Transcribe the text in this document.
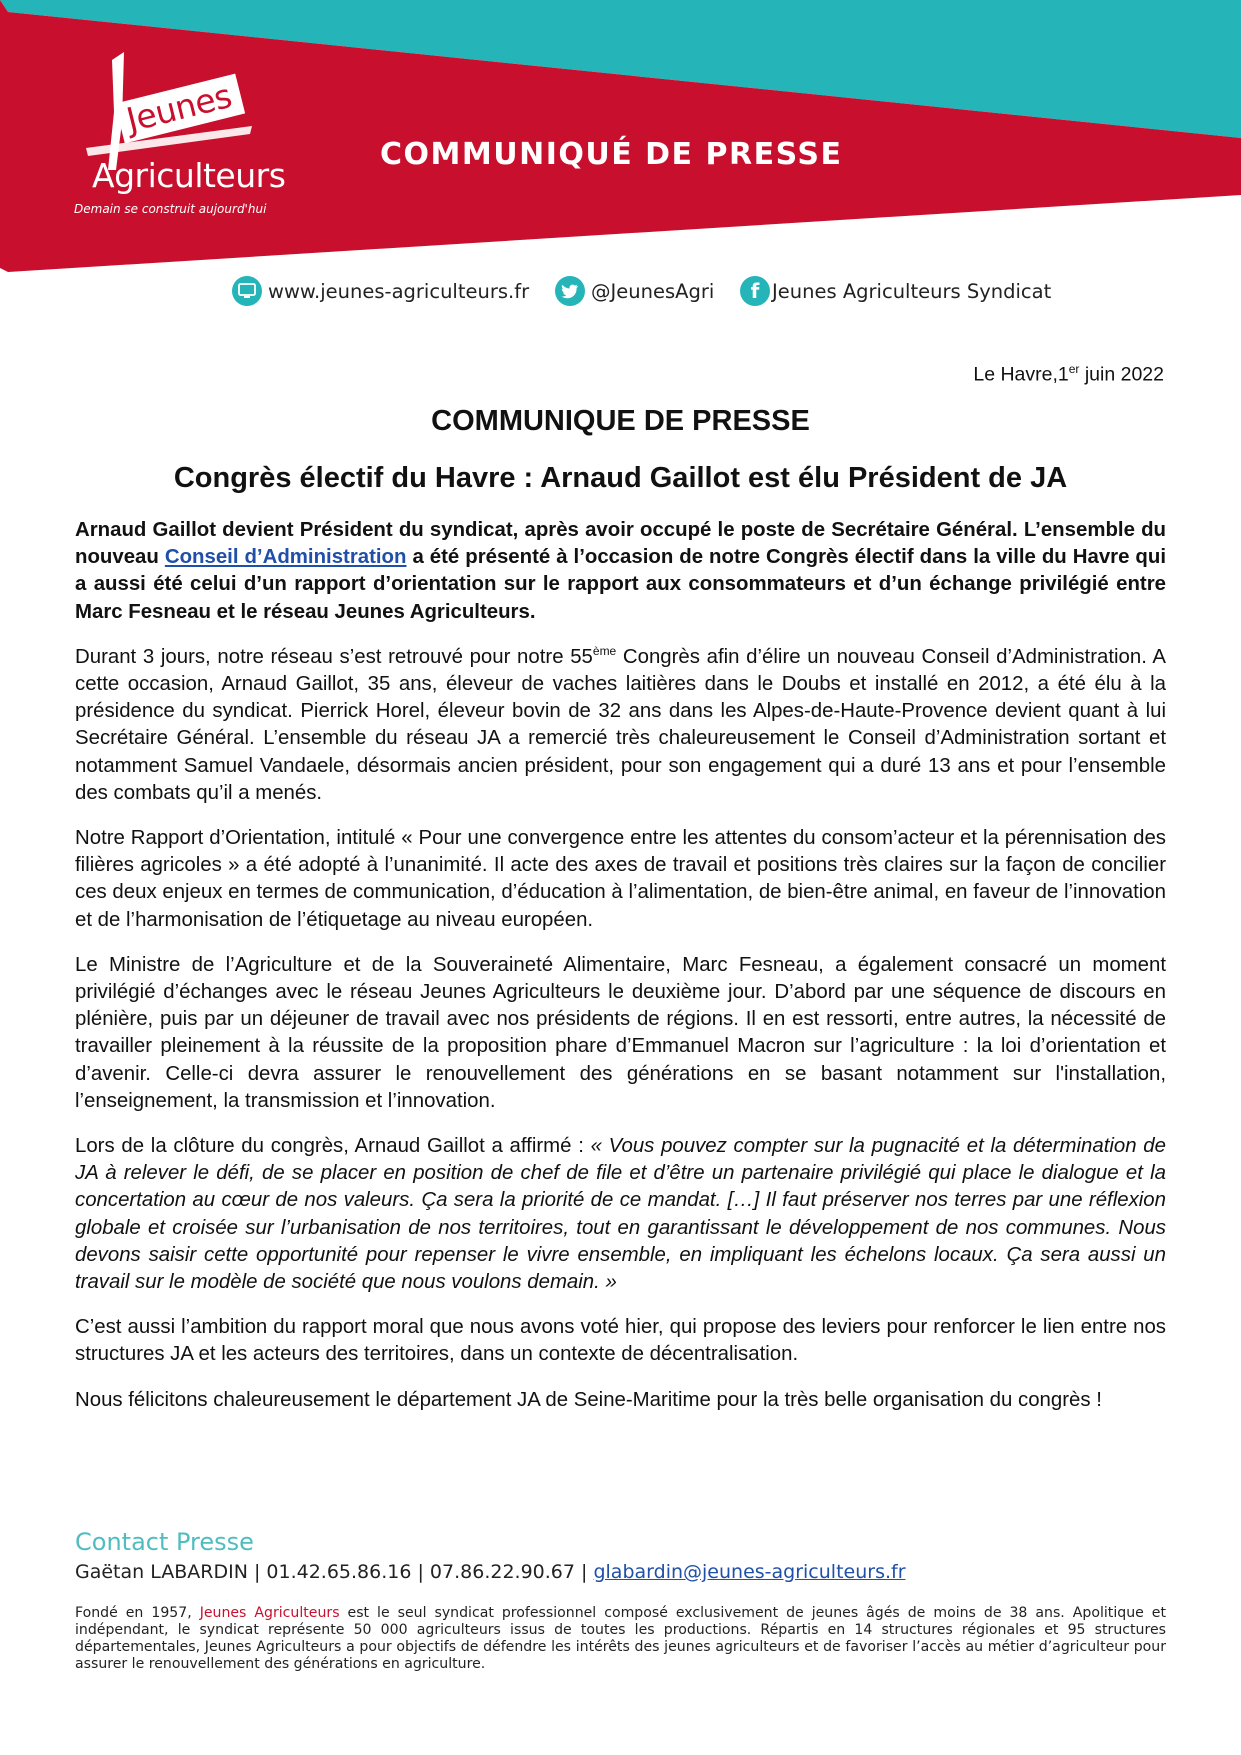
Jeunes
Agriculteurs
Demain se construit aujourd'hui
COMMUNIQUÉ DE PRESSE
www.jeunes-agriculteurs.fr	@JeunesAgri f Jeunes Agriculteurs Syndicat
Le Havre,1er juin 2022
COMMUNIQUE DE PRESSE
Congrès électif du Havre : Arnaud Gaillot est élu Président de JA

Arnaud Gaillot devient Président du syndicat, après avoir occupé le poste de Secrétaire Général. L’ensemble du nouveau Conseil d’Administration a été présenté à l’occasion de notre Congrès électif dans la ville du Havre qui a aussi été celui d’un rapport d’orientation sur le rapport aux consommateurs et d’un échange privilégié entre Marc Fesneau et le réseau Jeunes Agriculteurs.

Durant 3 jours, notre réseau s’est retrouvé pour notre 55ème Congrès afin d’élire un nouveau Conseil d’Administration. A cette occasion, Arnaud Gaillot, 35 ans, éleveur de vaches laitières dans le Doubs et installé en 2012, a été élu à la présidence du syndicat. Pierrick Horel, éleveur bovin de 32 ans dans les Alpes-de-Haute-Provence devient quant à lui Secrétaire Général. L’ensemble du réseau JA a remercié très chaleureusement le Conseil d’Administration sortant et notamment Samuel Vandaele, désormais ancien président, pour son engagement qui a duré 13 ans et pour l’ensemble des combats qu’il a menés.

Notre Rapport d’Orientation, intitulé « Pour une convergence entre les attentes du consom’acteur et la pérennisation des filières agricoles » a été adopté à l’unanimité. Il acte des axes de travail et positions très claires sur la façon de concilier ces deux enjeux en termes de communication, d’éducation à l’alimentation, de bien-être animal, en faveur de l’innovation et de l’harmonisation de l’étiquetage au niveau européen.

Le Ministre de l’Agriculture et de la Souveraineté Alimentaire, Marc Fesneau, a également consacré un moment privilégié d’échanges avec le réseau Jeunes Agriculteurs le deuxième jour. D’abord par une séquence de discours en plénière, puis par un déjeuner de travail avec nos présidents de régions. Il en est ressorti, entre autres, la nécessité de travailler pleinement à la réussite de la proposition phare d’Emmanuel Macron sur l’agriculture : la loi d’orientation et d’avenir. Celle-ci devra assurer le renouvellement des générations en se basant notamment sur l'installation, l’enseignement, la transmission et l’innovation.

Lors de la clôture du congrès, Arnaud Gaillot a affirmé : « Vous pouvez compter sur la pugnacité et la détermination de JA à relever le défi, de se placer en position de chef de file et d’être un partenaire privilégié qui place le dialogue et la concertation au cœur de nos valeurs. Ça sera la priorité de ce mandat. […] Il faut préserver nos terres par une réflexion globale et croisée sur l’urbanisation de nos territoires, tout en garantissant le développement de nos communes. Nous devons saisir cette opportunité pour repenser le vivre ensemble, en impliquant les échelons locaux. Ça sera aussi un travail sur le modèle de société que nous voulons demain. »

C’est aussi l’ambition du rapport moral que nous avons voté hier, qui propose des leviers pour renforcer le lien entre nos structures JA et les acteurs des territoires, dans un contexte de décentralisation.

Nous félicitons chaleureusement le département JA de Seine-Maritime pour la très belle organisation du congrès !

Contact Presse
Gaëtan LABARDIN | 01.42.65.86.16 | 07.86.22.90.67 | glabardin@jeunes-agriculteurs.fr
Fondé en 1957, Jeunes Agriculteurs est le seul syndicat professionnel composé exclusivement de jeunes âgés de moins de 38 ans. Apolitique et indépendant, le syndicat représente 50 000 agriculteurs issus de toutes les productions. Répartis en 14 structures régionales et 95 structures départementales, Jeunes Agriculteurs a pour objectifs de défendre les intérêts des jeunes agriculteurs et de favoriser l’accès au métier d’agriculteur pour assurer le renouvellement des générations en agriculture.
